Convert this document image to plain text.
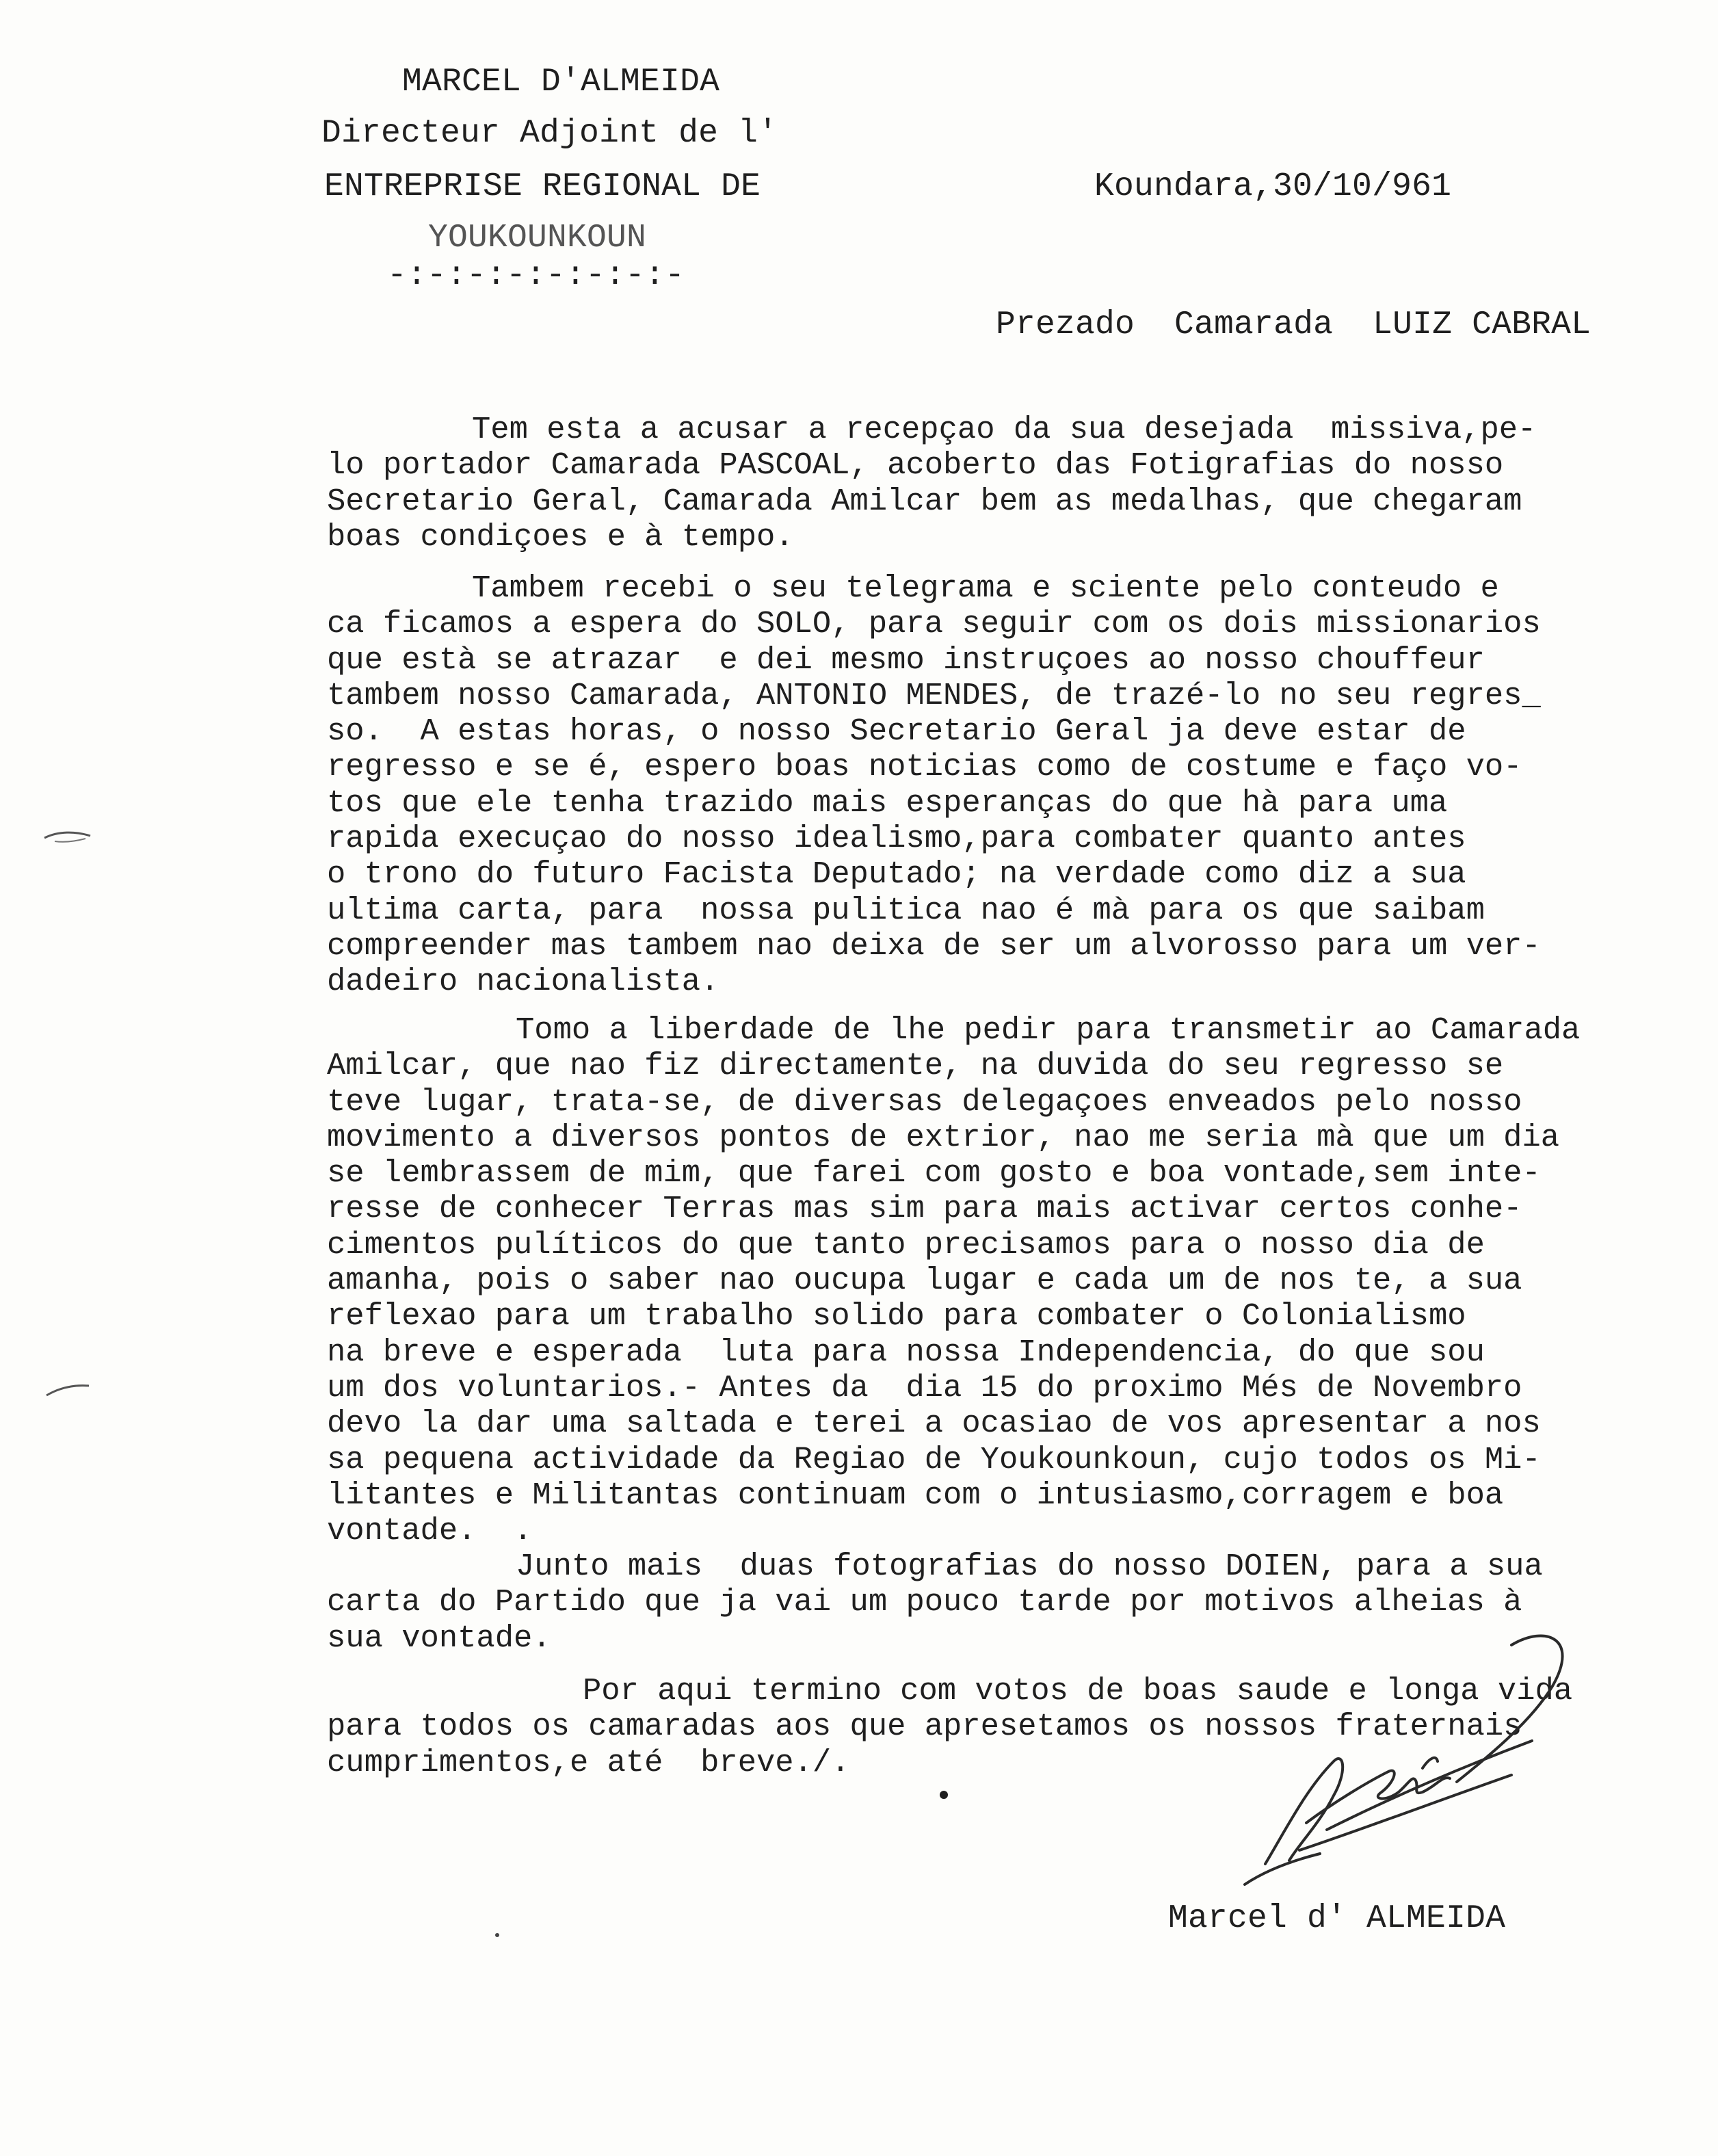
MARCEL D'ALMEIDA
Directeur Adjoint de l'
ENTREPRISE REGIONAL DE
YOUKOUNKOUN
-:-:-:-:-:-:-:-
Koundara,30/10/961
Prezado  Camarada  LUIZ CABRAL
Tem esta a acusar a recepçao da sua desejada  missiva,pe-
lo portador Camarada PASCOAL, acoberto das Fotigrafias do nosso
Secretario Geral, Camarada Amilcar bem as medalhas, que chegaram
boas condiçoes e à tempo.
Tambem recebi o seu telegrama e sciente pelo conteudo e
ca ficamos a espera do SOLO, para seguir com os dois missionarios
que està se atrazar  e dei mesmo instruçoes ao nosso chouffeur
tambem nosso Camarada, ANTONIO MENDES, de trazé-lo no seu regres_
so.  A estas horas, o nosso Secretario Geral ja deve estar de
regresso e se é, espero boas noticias como de costume e faço vo-
tos que ele tenha trazido mais esperanças do que hà para uma
rapida execuçao do nosso idealismo,para combater quanto antes
o trono do futuro Facista Deputado; na verdade como diz a sua
ultima carta, para  nossa pulitica nao é mà para os que saibam
compreender mas tambem nao deixa de ser um alvorosso para um ver-
dadeiro nacionalista.
Tomo a liberdade de lhe pedir para transmetir ao Camarada
Amilcar, que nao fiz directamente, na duvida do seu regresso se
teve lugar, trata-se, de diversas delegaçoes enveados pelo nosso
movimento a diversos pontos de extrior, nao me seria mà que um dia
se lembrassem de mim, que farei com gosto e boa vontade,sem inte-
resse de conhecer Terras mas sim para mais activar certos conhe-
cimentos pulíticos do que tanto precisamos para o nosso dia de
amanha, pois o saber nao oucupa lugar e cada um de nos te, a sua
reflexao para um trabalho solido para combater o Colonialismo
na breve e esperada  luta para nossa Independencia, do que sou
um dos voluntarios.- Antes da  dia 15 do proximo Més de Novembro
devo la dar uma saltada e terei a ocasiao de vos apresentar a nos
sa pequena actividade da Regiao de Youkounkoun, cujo todos os Mi-
litantes e Militantas continuam com o intusiasmo,corragem e boa
vontade.  .
Junto mais  duas fotografias do nosso DOIEN, para a sua
carta do Partido que ja vai um pouco tarde por motivos alheias à
sua vontade.
Por aqui termino com votos de boas saude e longa vida
para todos os camaradas aos que apresetamos os nossos fraternais
cumprimentos,e até  breve./.
Marcel d' ALMEIDA
